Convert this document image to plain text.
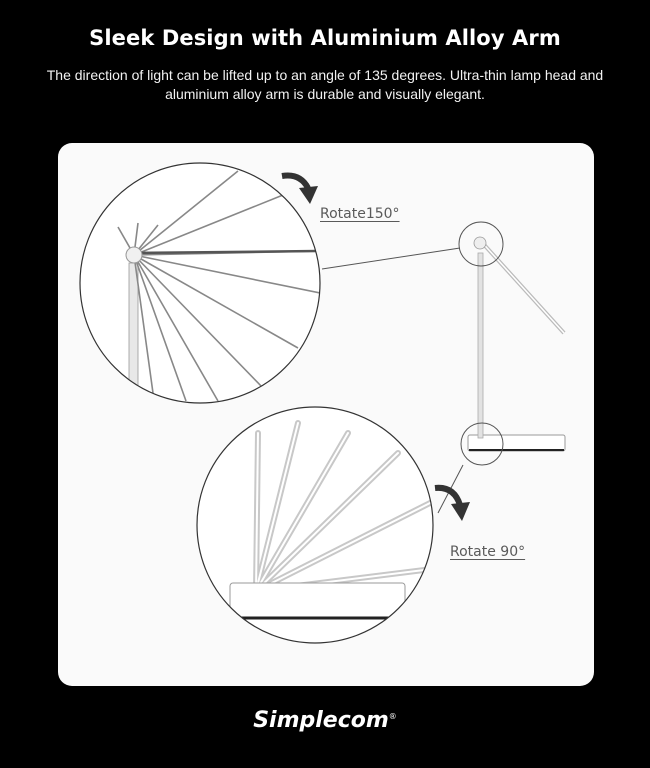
Sleek Design with Aluminium Alloy Arm
The direction of light can be lifted up to an angle of 135 degrees. Ultra-thin lamp head and aluminium alloy arm is durable and visually elegant.
Rotate150°
Rotate 90°
Simplecom®
